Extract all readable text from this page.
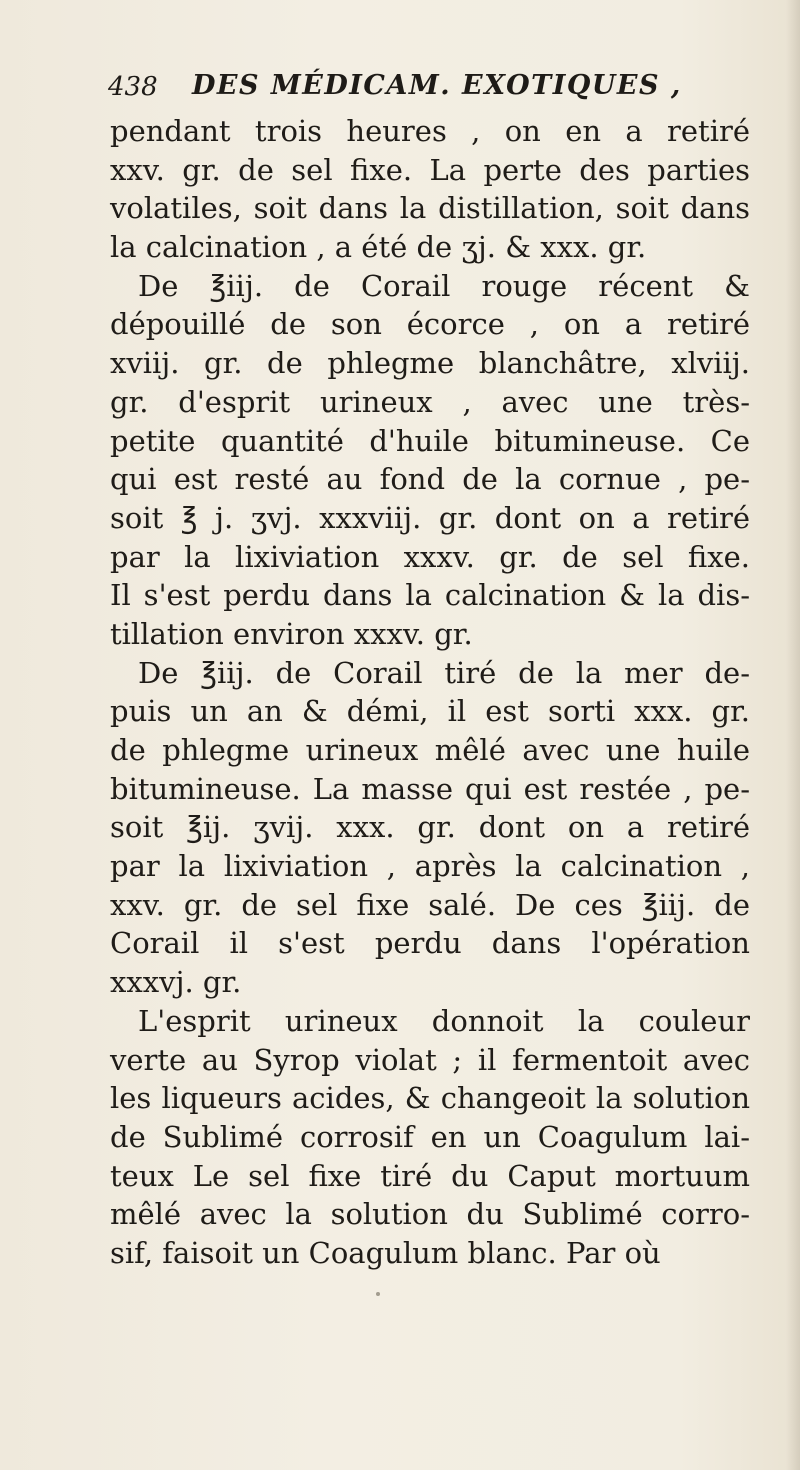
438 DES MÉDICAM. EXOTIQUES ,
pendant trois heures , on en a retiré
xxv. gr. de sel fixe. La perte des parties
volatiles, soit dans la distillation, soit dans
la calcination , a été de ʒj. & xxx. gr.
De ℥iij. de Corail rouge récent &
dépouillé de son écorce , on a retiré
xviij. gr. de phlegme blanchâtre, xlviij.
gr. d'esprit urineux , avec une très-
petite quantité d'huile bitumineuse. Ce
qui est resté au fond de la cornue , pe-
soit ℥ j. ʒvj. xxxviij. gr. dont on a retiré
par la lixiviation xxxv. gr. de sel fixe.
Il s'est perdu dans la calcination & la dis-
tillation environ xxxv. gr.
De ℥iij. de Corail tiré de la mer de-
puis un an & démi, il est sorti xxx. gr.
de phlegme urineux mêlé avec une huile
bitumineuse. La masse qui est restée , pe-
soit ℥ij. ʒvij. xxx. gr. dont on a retiré
par la lixiviation , après la calcination ,
xxv. gr. de sel fixe salé. De ces ℥iij. de
Corail il s'est perdu dans l'opération
xxxvj. gr.
L'esprit urineux donnoit la couleur
verte au Syrop violat ; il fermentoit avec
les liqueurs acides, & changeoit la solution
de Sublimé corrosif en un Coagulum lai-
teux Le sel fixe tiré du Caput mortuum
mêlé avec la solution du Sublimé corro-
sif, faisoit un Coagulum blanc. Par où
